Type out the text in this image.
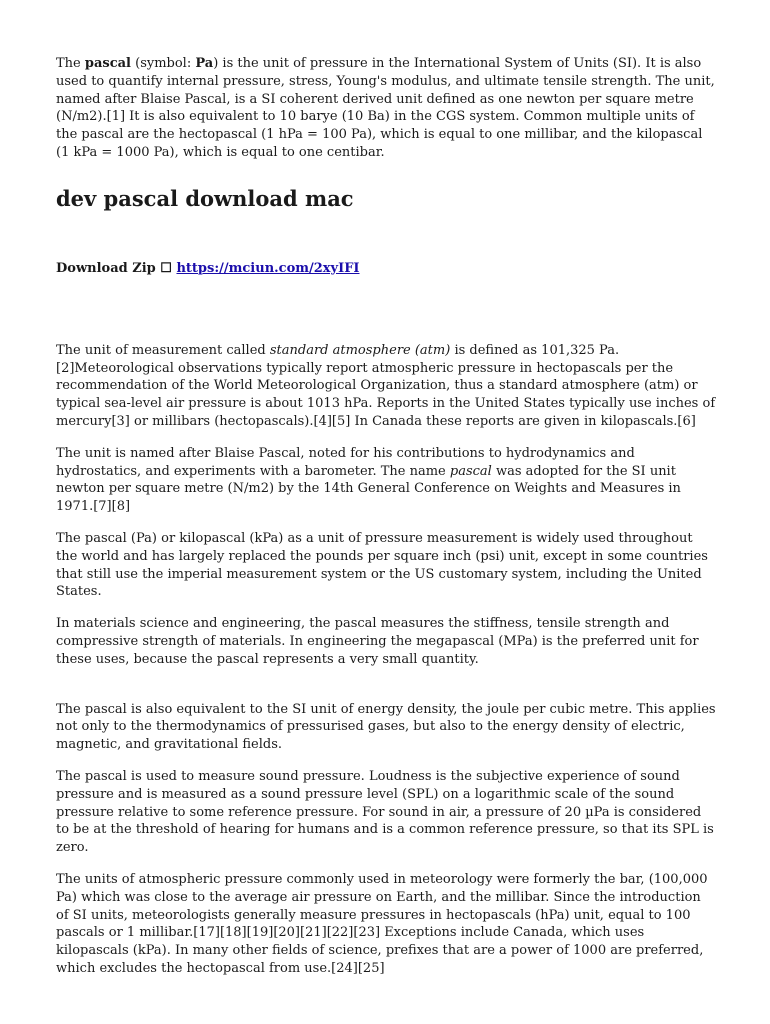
The pascal (symbol: Pa) is the unit of pressure in the International System of Units (SI). It is also used to quantify internal pressure, stress, Young's modulus, and ultimate tensile strength. The unit, named after Blaise Pascal, is a SI coherent derived unit defined as one newton per square metre (N/m2).[1] It is also equivalent to 10 barye (10 Ba) in the CGS system. Common multiple units of the pascal are the hectopascal (1 hPa = 100 Pa), which is equal to one millibar, and the kilopascal (1 kPa = 1000 Pa), which is equal to one centibar.

dev pascal download mac
Download Zip ☐ https://mciun.com/2xyIFI

The unit of measurement called standard atmosphere (atm) is defined as 101,325 Pa.[2]Meteorological observations typically report atmospheric pressure in hectopascals per the recommendation of the World Meteorological Organization, thus a standard atmosphere (atm) or typical sea-level air pressure is about 1013 hPa. Reports in the United States typically use inches of mercury[3] or millibars (hectopascals).[4][5] In Canada these reports are given in kilopascals.[6]

The unit is named after Blaise Pascal, noted for his contributions to hydrodynamics and hydrostatics, and experiments with a barometer. The name pascal was adopted for the SI unit newton per square metre (N/m2) by the 14th General Conference on Weights and Measures in 1971.[7][8]

The pascal (Pa) or kilopascal (kPa) as a unit of pressure measurement is widely used throughout the world and has largely replaced the pounds per square inch (psi) unit, except in some countries that still use the imperial measurement system or the US customary system, including the United States.

In materials science and engineering, the pascal measures the stiffness, tensile strength and compressive strength of materials. In engineering the megapascal (MPa) is the preferred unit for these uses, because the pascal represents a very small quantity.

The pascal is also equivalent to the SI unit of energy density, the joule per cubic metre. This applies not only to the thermodynamics of pressurised gases, but also to the energy density of electric, magnetic, and gravitational fields.

The pascal is used to measure sound pressure. Loudness is the subjective experience of sound pressure and is measured as a sound pressure level (SPL) on a logarithmic scale of the sound pressure relative to some reference pressure. For sound in air, a pressure of 20 µPa is considered to be at the threshold of hearing for humans and is a common reference pressure, so that its SPL is zero.

The units of atmospheric pressure commonly used in meteorology were formerly the bar, (100,000 Pa) which was close to the average air pressure on Earth, and the millibar. Since the introduction of SI units, meteorologists generally measure pressures in hectopascals (hPa) unit, equal to 100 pascals or 1 millibar.[17][18][19][20][21][22][23] Exceptions include Canada, which uses kilopascals (kPa). In many other fields of science, prefixes that are a power of 1000 are preferred, which excludes the hectopascal from use.[24][25]
